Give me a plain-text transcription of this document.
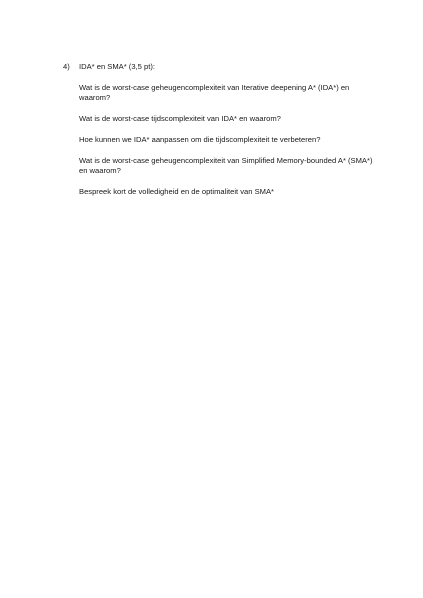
4)	IDA* en SMA* (3,5 pt):
Wat is de worst-case geheugencomplexiteit van Iterative deepening A* (IDA*) en waarom?
Wat is de worst-case tijdscomplexiteit van IDA* en waarom?
Hoe kunnen we IDA* aanpassen om die tijdscomplexiteit te verbeteren?
Wat is de worst-case geheugencomplexiteit van Simplified Memory-bounded A* (SMA*) en waarom?
Bespreek kort de volledigheid en de optimaliteit van SMA*
